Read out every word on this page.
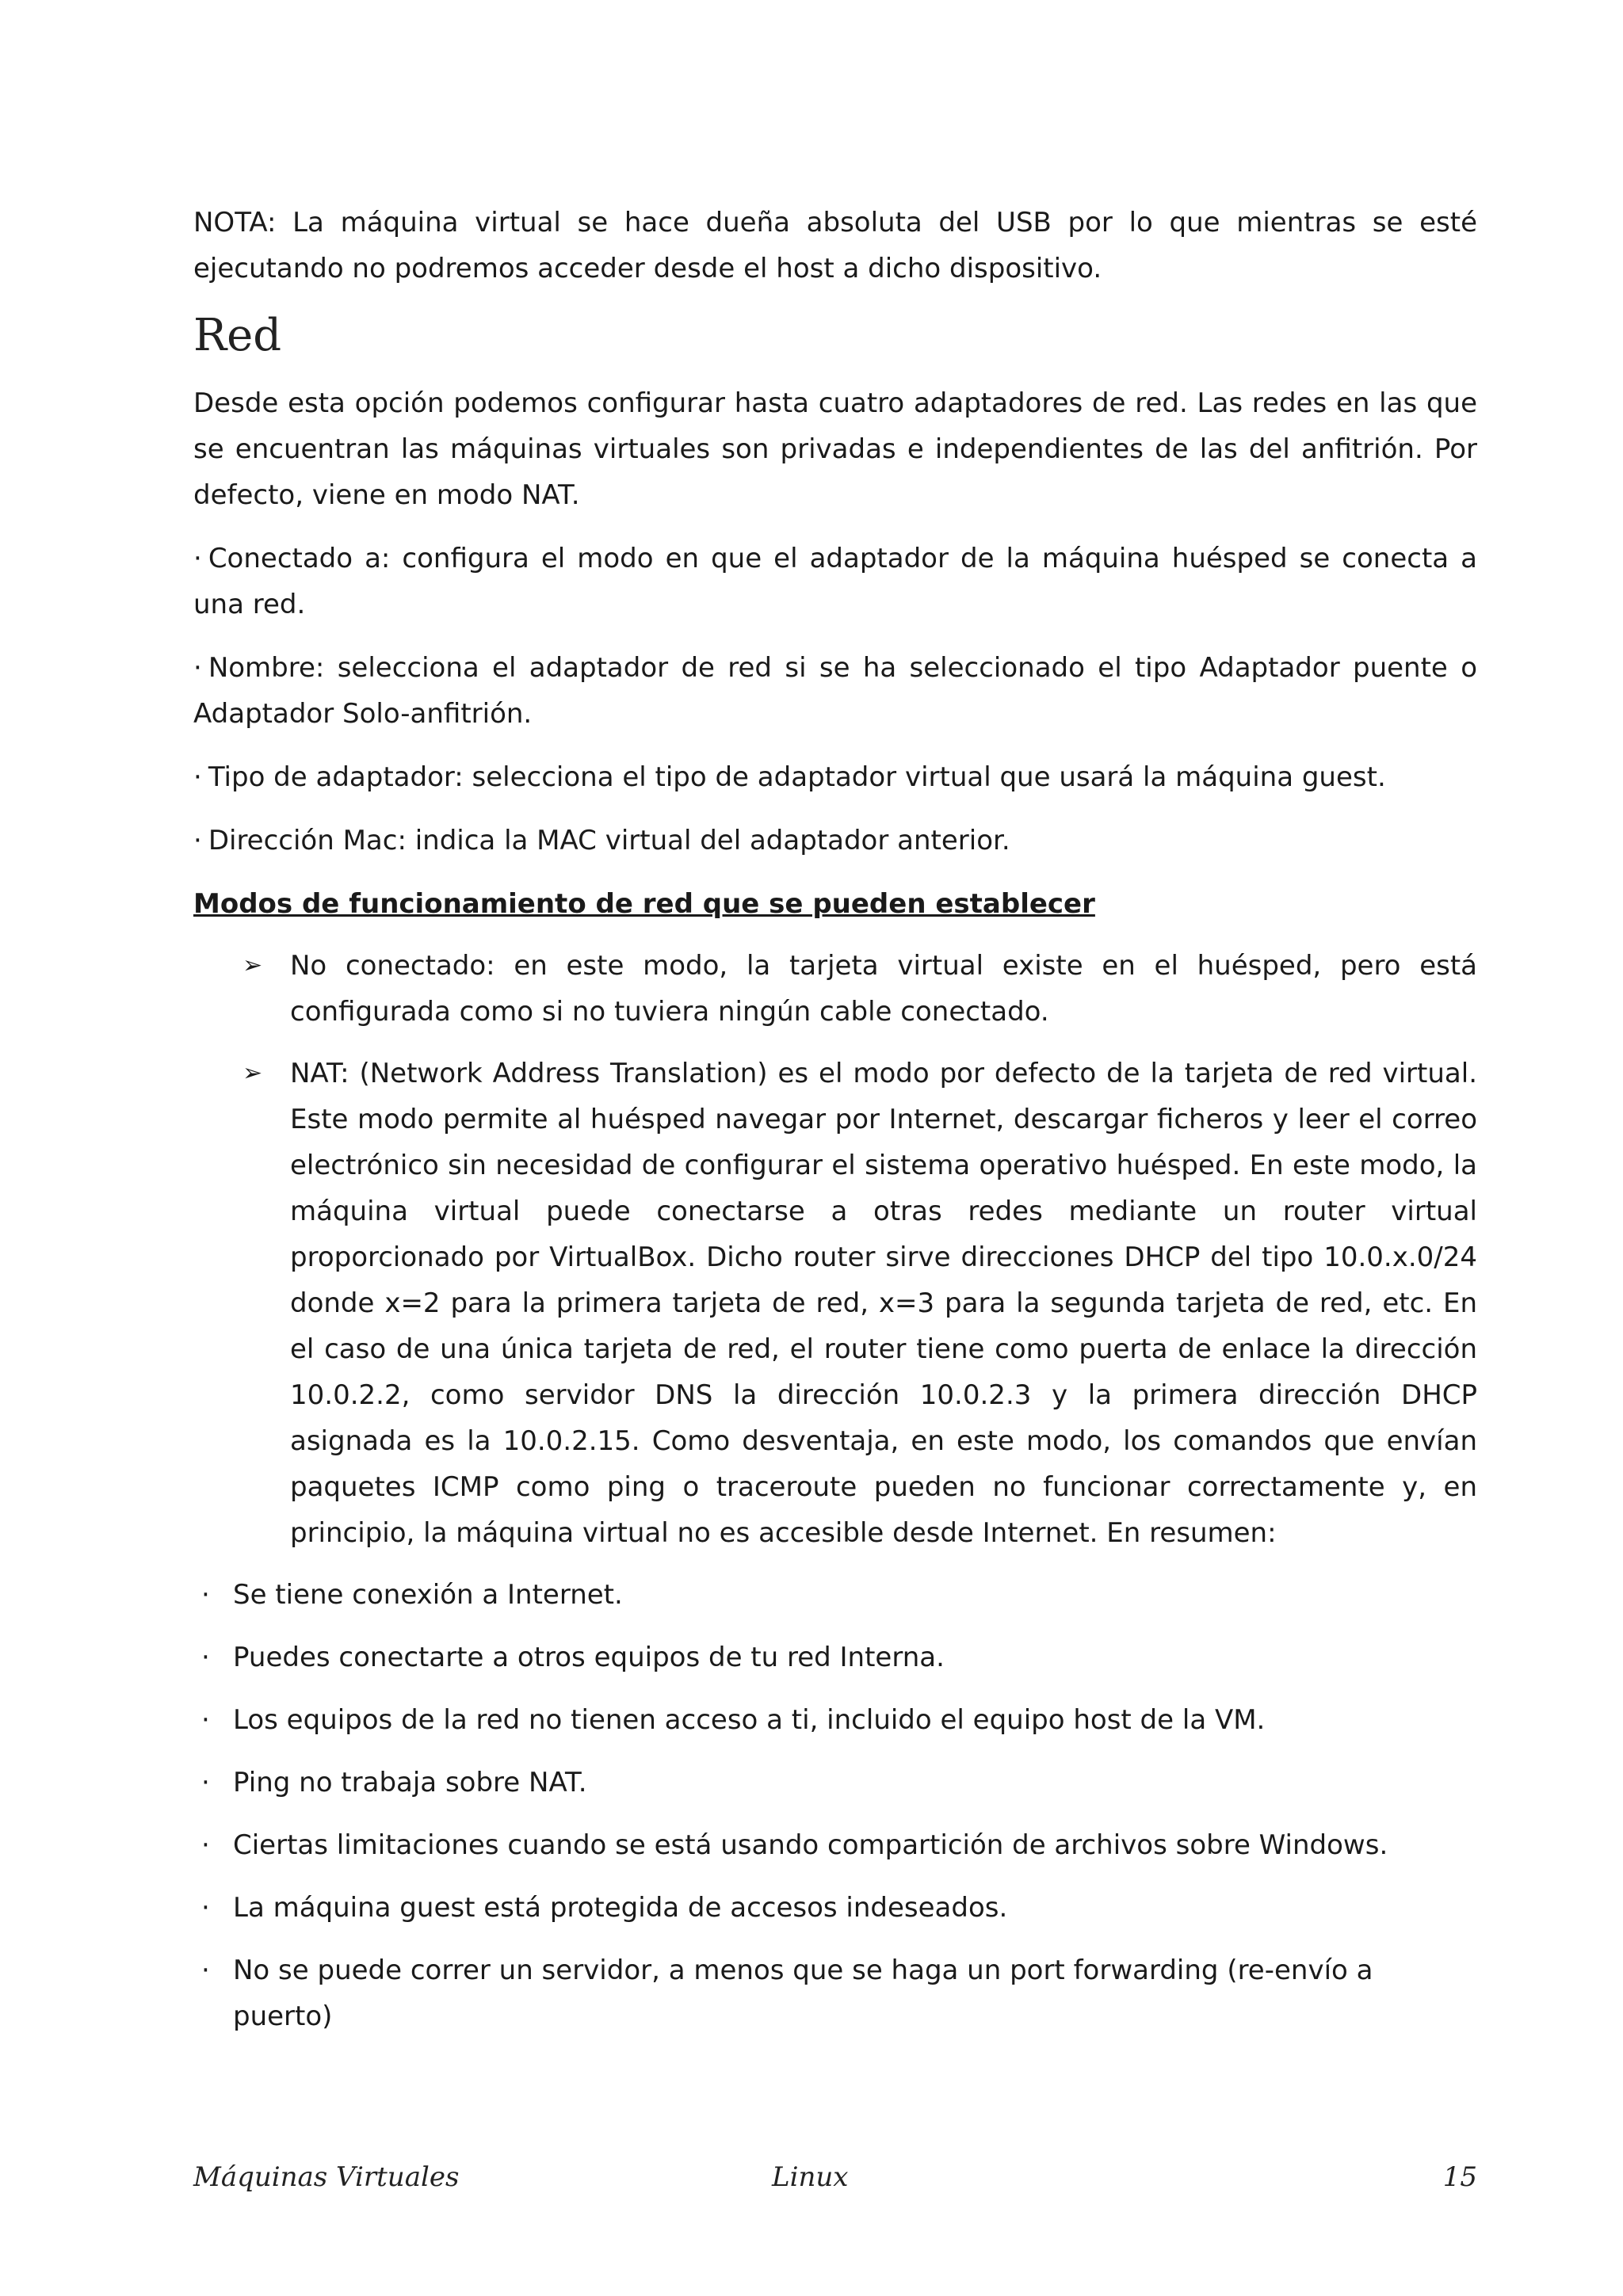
NOTA: La máquina virtual se hace dueña absoluta del USB por lo que mientras se esté ejecutando no podremos acceder desde el host a dicho dispositivo.

Red

Desde esta opción podemos configurar hasta cuatro adaptadores de red. Las redes en las que se encuentran las máquinas virtuales son privadas e independientes de las del anfitrión. Por defecto, viene en modo NAT.

· Conectado a: configura el modo en que el adaptador de la máquina huésped se conecta a una red.

· Nombre: selecciona el adaptador de red si se ha seleccionado el tipo Adaptador puente o Adaptador Solo-anfitrión.

· Tipo de adaptador: selecciona el tipo de adaptador virtual que usará la máquina guest.

· Dirección Mac: indica la MAC virtual del adaptador anterior.

Modos de funcionamiento de red que se pueden establecer

➢ No conectado: en este modo, la tarjeta virtual existe en el huésped, pero está configurada como si no tuviera ningún cable conectado.

➢ NAT: (Network Address Translation) es el modo por defecto de la tarjeta de red virtual. Este modo permite al huésped navegar por Internet, descargar ficheros y leer el correo electrónico sin necesidad de configurar el sistema operativo huésped. En este modo, la máquina virtual puede conectarse a otras redes mediante un router virtual proporcionado por VirtualBox. Dicho router sirve direcciones DHCP del tipo 10.0.x.0/24 donde x=2 para la primera tarjeta de red, x=3 para la segunda tarjeta de red, etc. En el caso de una única tarjeta de red, el router tiene como puerta de enlace la dirección 10.0.2.2, como servidor DNS la dirección 10.0.2.3 y la primera dirección DHCP asignada es la 10.0.2.15. Como desventaja, en este modo, los comandos que envían paquetes ICMP como ping o traceroute pueden no funcionar correctamente y, en principio, la máquina virtual no es accesible desde Internet. En resumen:

· Se tiene conexión a Internet.

· Puedes conectarte a otros equipos de tu red Interna.

· Los equipos de la red no tienen acceso a ti, incluido el equipo host de la VM.

· Ping no trabaja sobre NAT.

· Ciertas limitaciones cuando se está usando compartición de archivos sobre Windows.

· La máquina guest está protegida de accesos indeseados.

· No se puede correr un servidor, a menos que se haga un port forwarding (re-envío a puerto)

Máquinas Virtuales	Linux	15
